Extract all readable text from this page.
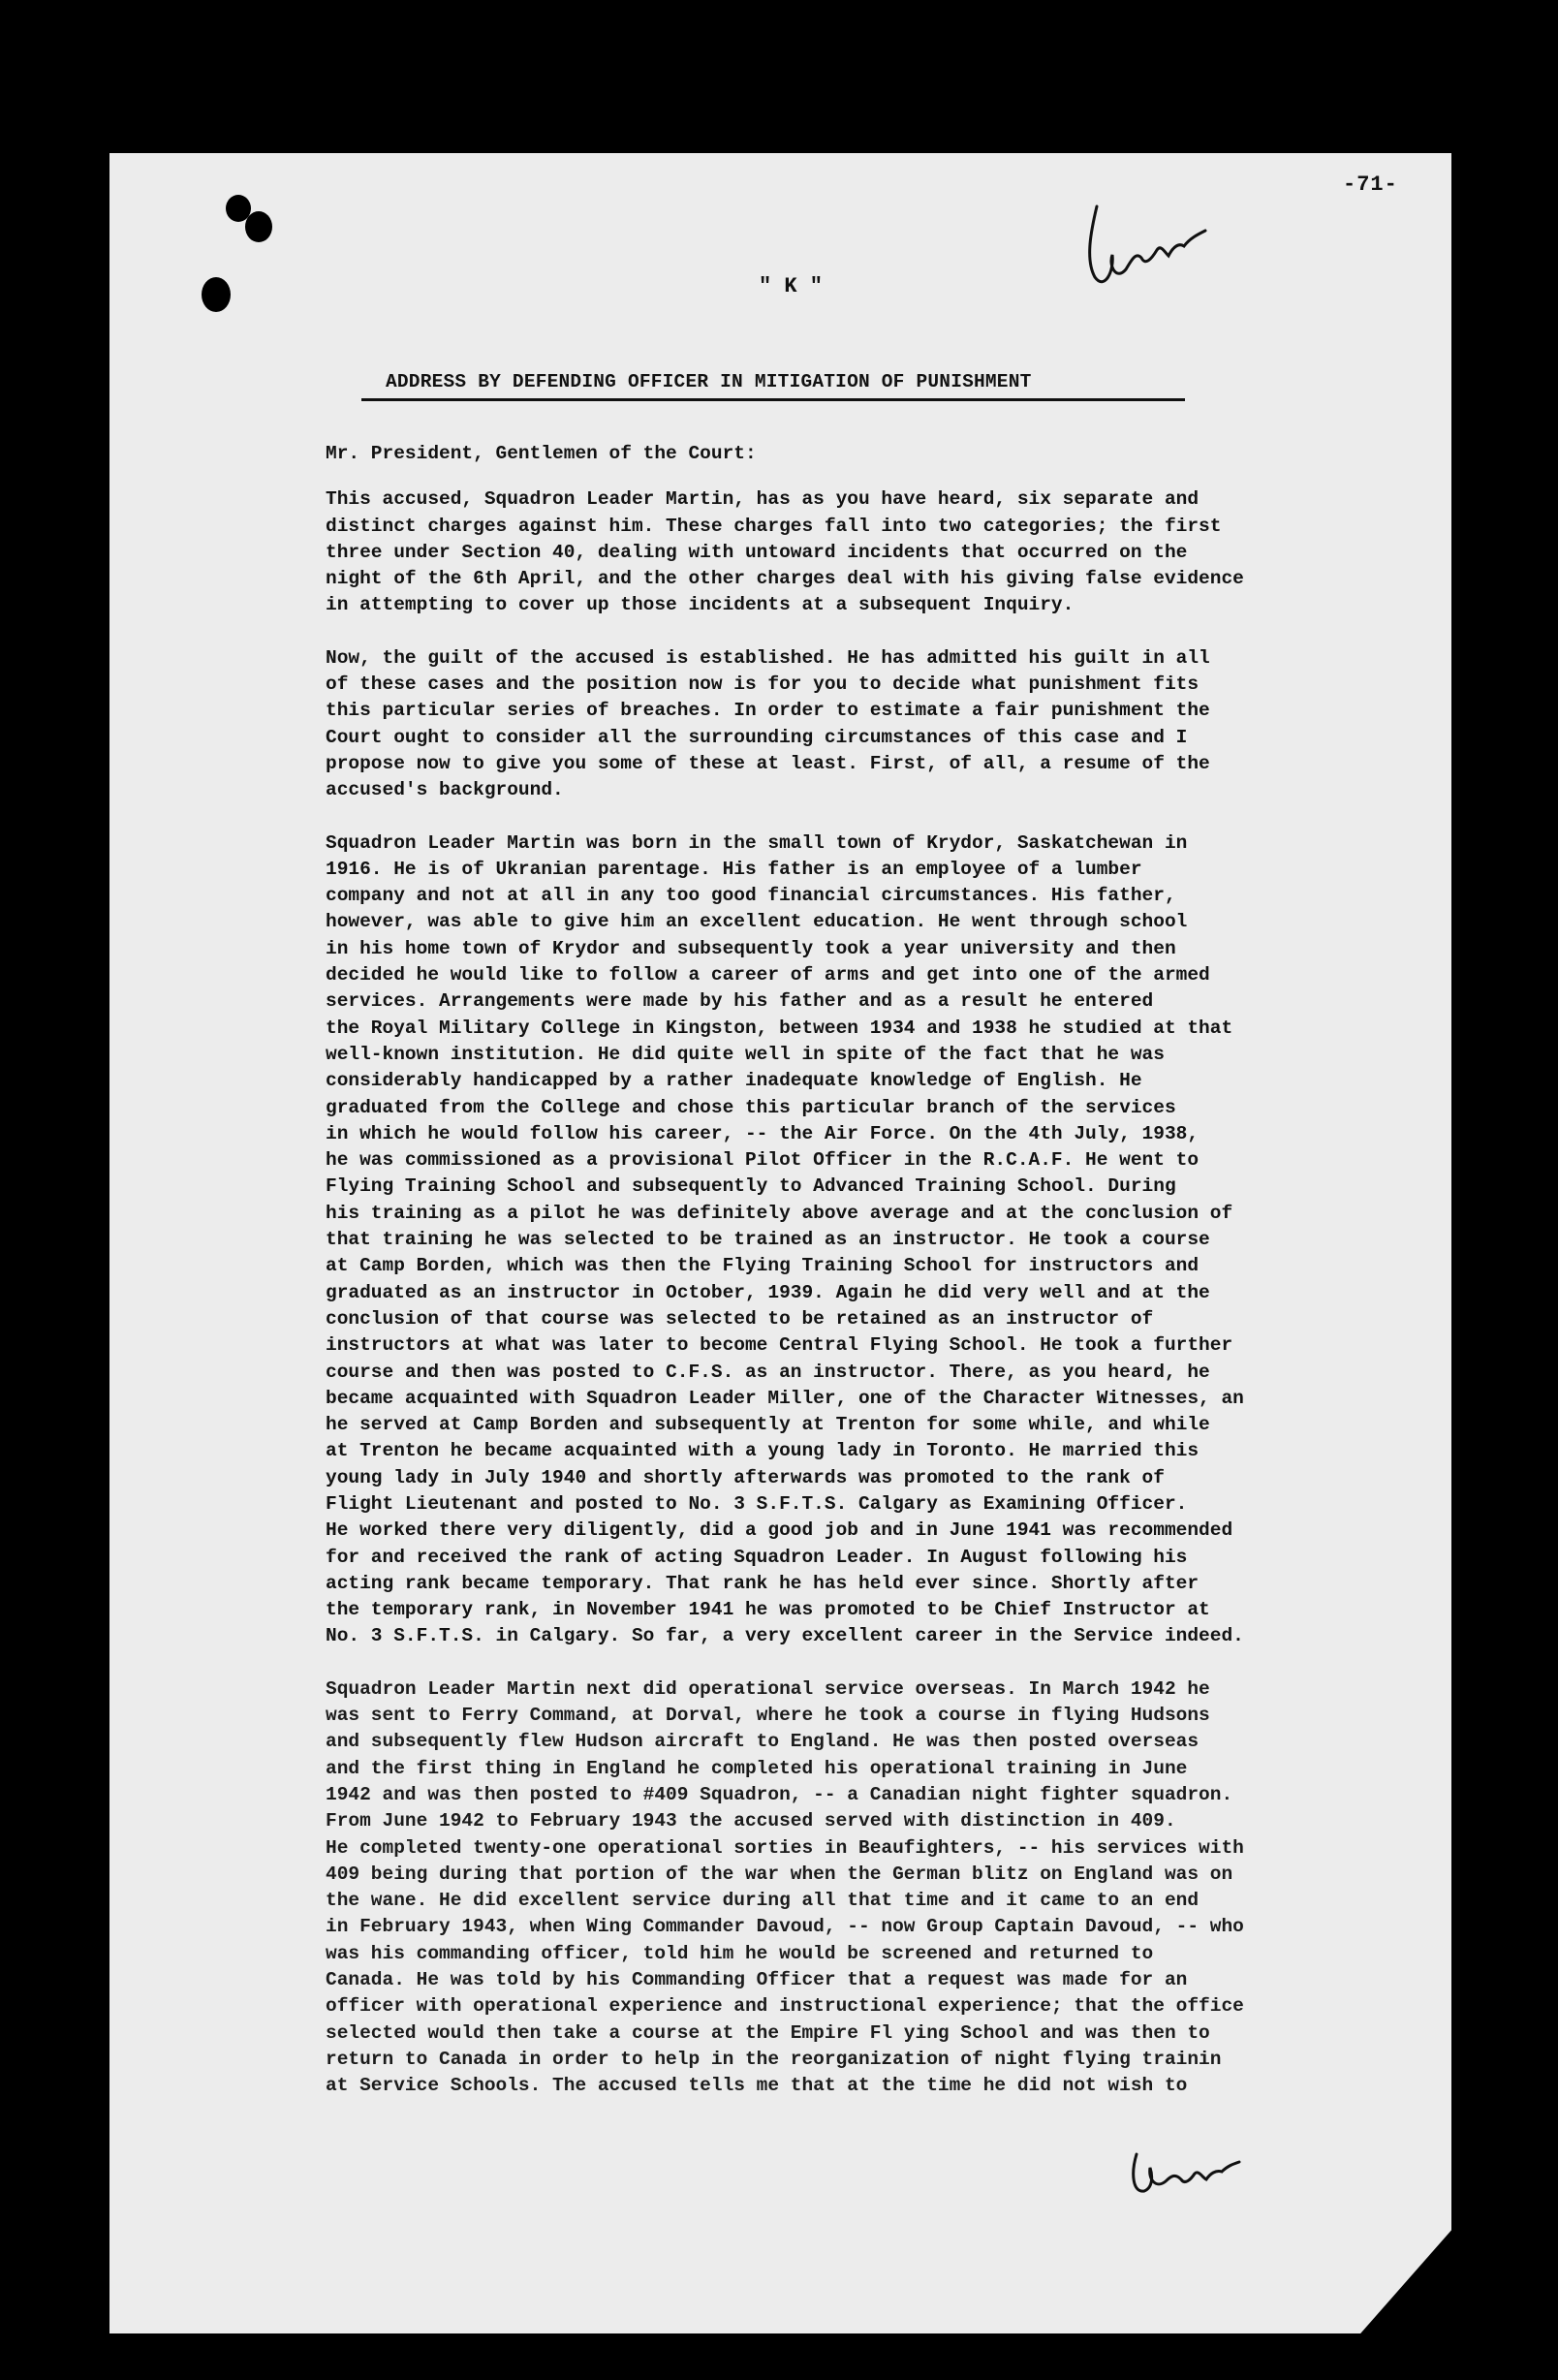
-71-
" K "
ADDRESS BY DEFENDING OFFICER IN MITIGATION OF PUNISHMENT

Mr. President, Gentlemen of the Court:

This accused, Squadron Leader Martin, has as you have heard, six separate and
distinct charges against him. These charges fall into two categories; the first
three under Section 40, dealing with untoward incidents that occurred on the
night of the 6th April, and the other charges deal with his giving false evidence
in attempting to cover up those incidents at a subsequent Inquiry.

Now, the guilt of the accused is established. He has admitted his guilt in all
of these cases and the position now is for you to decide what punishment fits
this particular series of breaches. In order to estimate a fair punishment the
Court ought to consider all the surrounding circumstances of this case and I
propose now to give you some of these at least. First, of all, a resume of the
accused's background.

Squadron Leader Martin was born in the small town of Krydor, Saskatchewan in
1916. He is of Ukranian parentage. His father is an employee of a lumber
company and not at all in any too good financial circumstances. His father,
however, was able to give him an excellent education. He went through school
in his home town of Krydor and subsequently took a year university and then
decided he would like to follow a career of arms and get into one of the armed
services. Arrangements were made by his father and as a result he entered
the Royal Military College in Kingston, between 1934 and 1938 he studied at that
well-known institution. He did quite well in spite of the fact that he was
considerably handicapped by a rather inadequate knowledge of English. He
graduated from the College and chose this particular branch of the services
in which he would follow his career, -- the Air Force. On the 4th July, 1938,
he was commissioned as a provisional Pilot Officer in the R.C.A.F. He went to
Flying Training School and subsequently to Advanced Training School. During
his training as a pilot he was definitely above average and at the conclusion of
that training he was selected to be trained as an instructor. He took a course
at Camp Borden, which was then the Flying Training School for instructors and
graduated as an instructor in October, 1939. Again he did very well and at the
conclusion of that course was selected to be retained as an instructor of
instructors at what was later to become Central Flying School. He took a further
course and then was posted to C.F.S. as an instructor. There, as you heard, he
became acquainted with Squadron Leader Miller, one of the Character Witnesses, an
he served at Camp Borden and subsequently at Trenton for some while, and while
at Trenton he became acquainted with a young lady in Toronto. He married this
young lady in July 1940 and shortly afterwards was promoted to the rank of
Flight Lieutenant and posted to No. 3 S.F.T.S. Calgary as Examining Officer.
He worked there very diligently, did a good job and in June 1941 was recommended
for and received the rank of acting Squadron Leader. In August following his
acting rank became temporary. That rank he has held ever since. Shortly after
the temporary rank, in November 1941 he was promoted to be Chief Instructor at
No. 3 S.F.T.S. in Calgary. So far, a very excellent career in the Service indeed.

Squadron Leader Martin next did operational service overseas. In March 1942 he
was sent to Ferry Command, at Dorval, where he took a course in flying Hudsons
and subsequently flew Hudson aircraft to England. He was then posted overseas
and the first thing in England he completed his operational training in June
1942 and was then posted to #409 Squadron, -- a Canadian night fighter squadron.
From June 1942 to February 1943 the accused served with distinction in 409.
He completed twenty-one operational sorties in Beaufighters, -- his services with
409 being during that portion of the war when the German blitz on England was on
the wane. He did excellent service during all that time and it came to an end
in February 1943, when Wing Commander Davoud, -- now Group Captain Davoud, -- who
was his commanding officer, told him he would be screened and returned to
Canada. He was told by his Commanding Officer that a request was made for an
officer with operational experience and instructional experience; that the office
selected would then take a course at the Empire Fl ying School and was then to
return to Canada in order to help in the reorganization of night flying trainin
at Service Schools. The accused tells me that at the time he did not wish to
